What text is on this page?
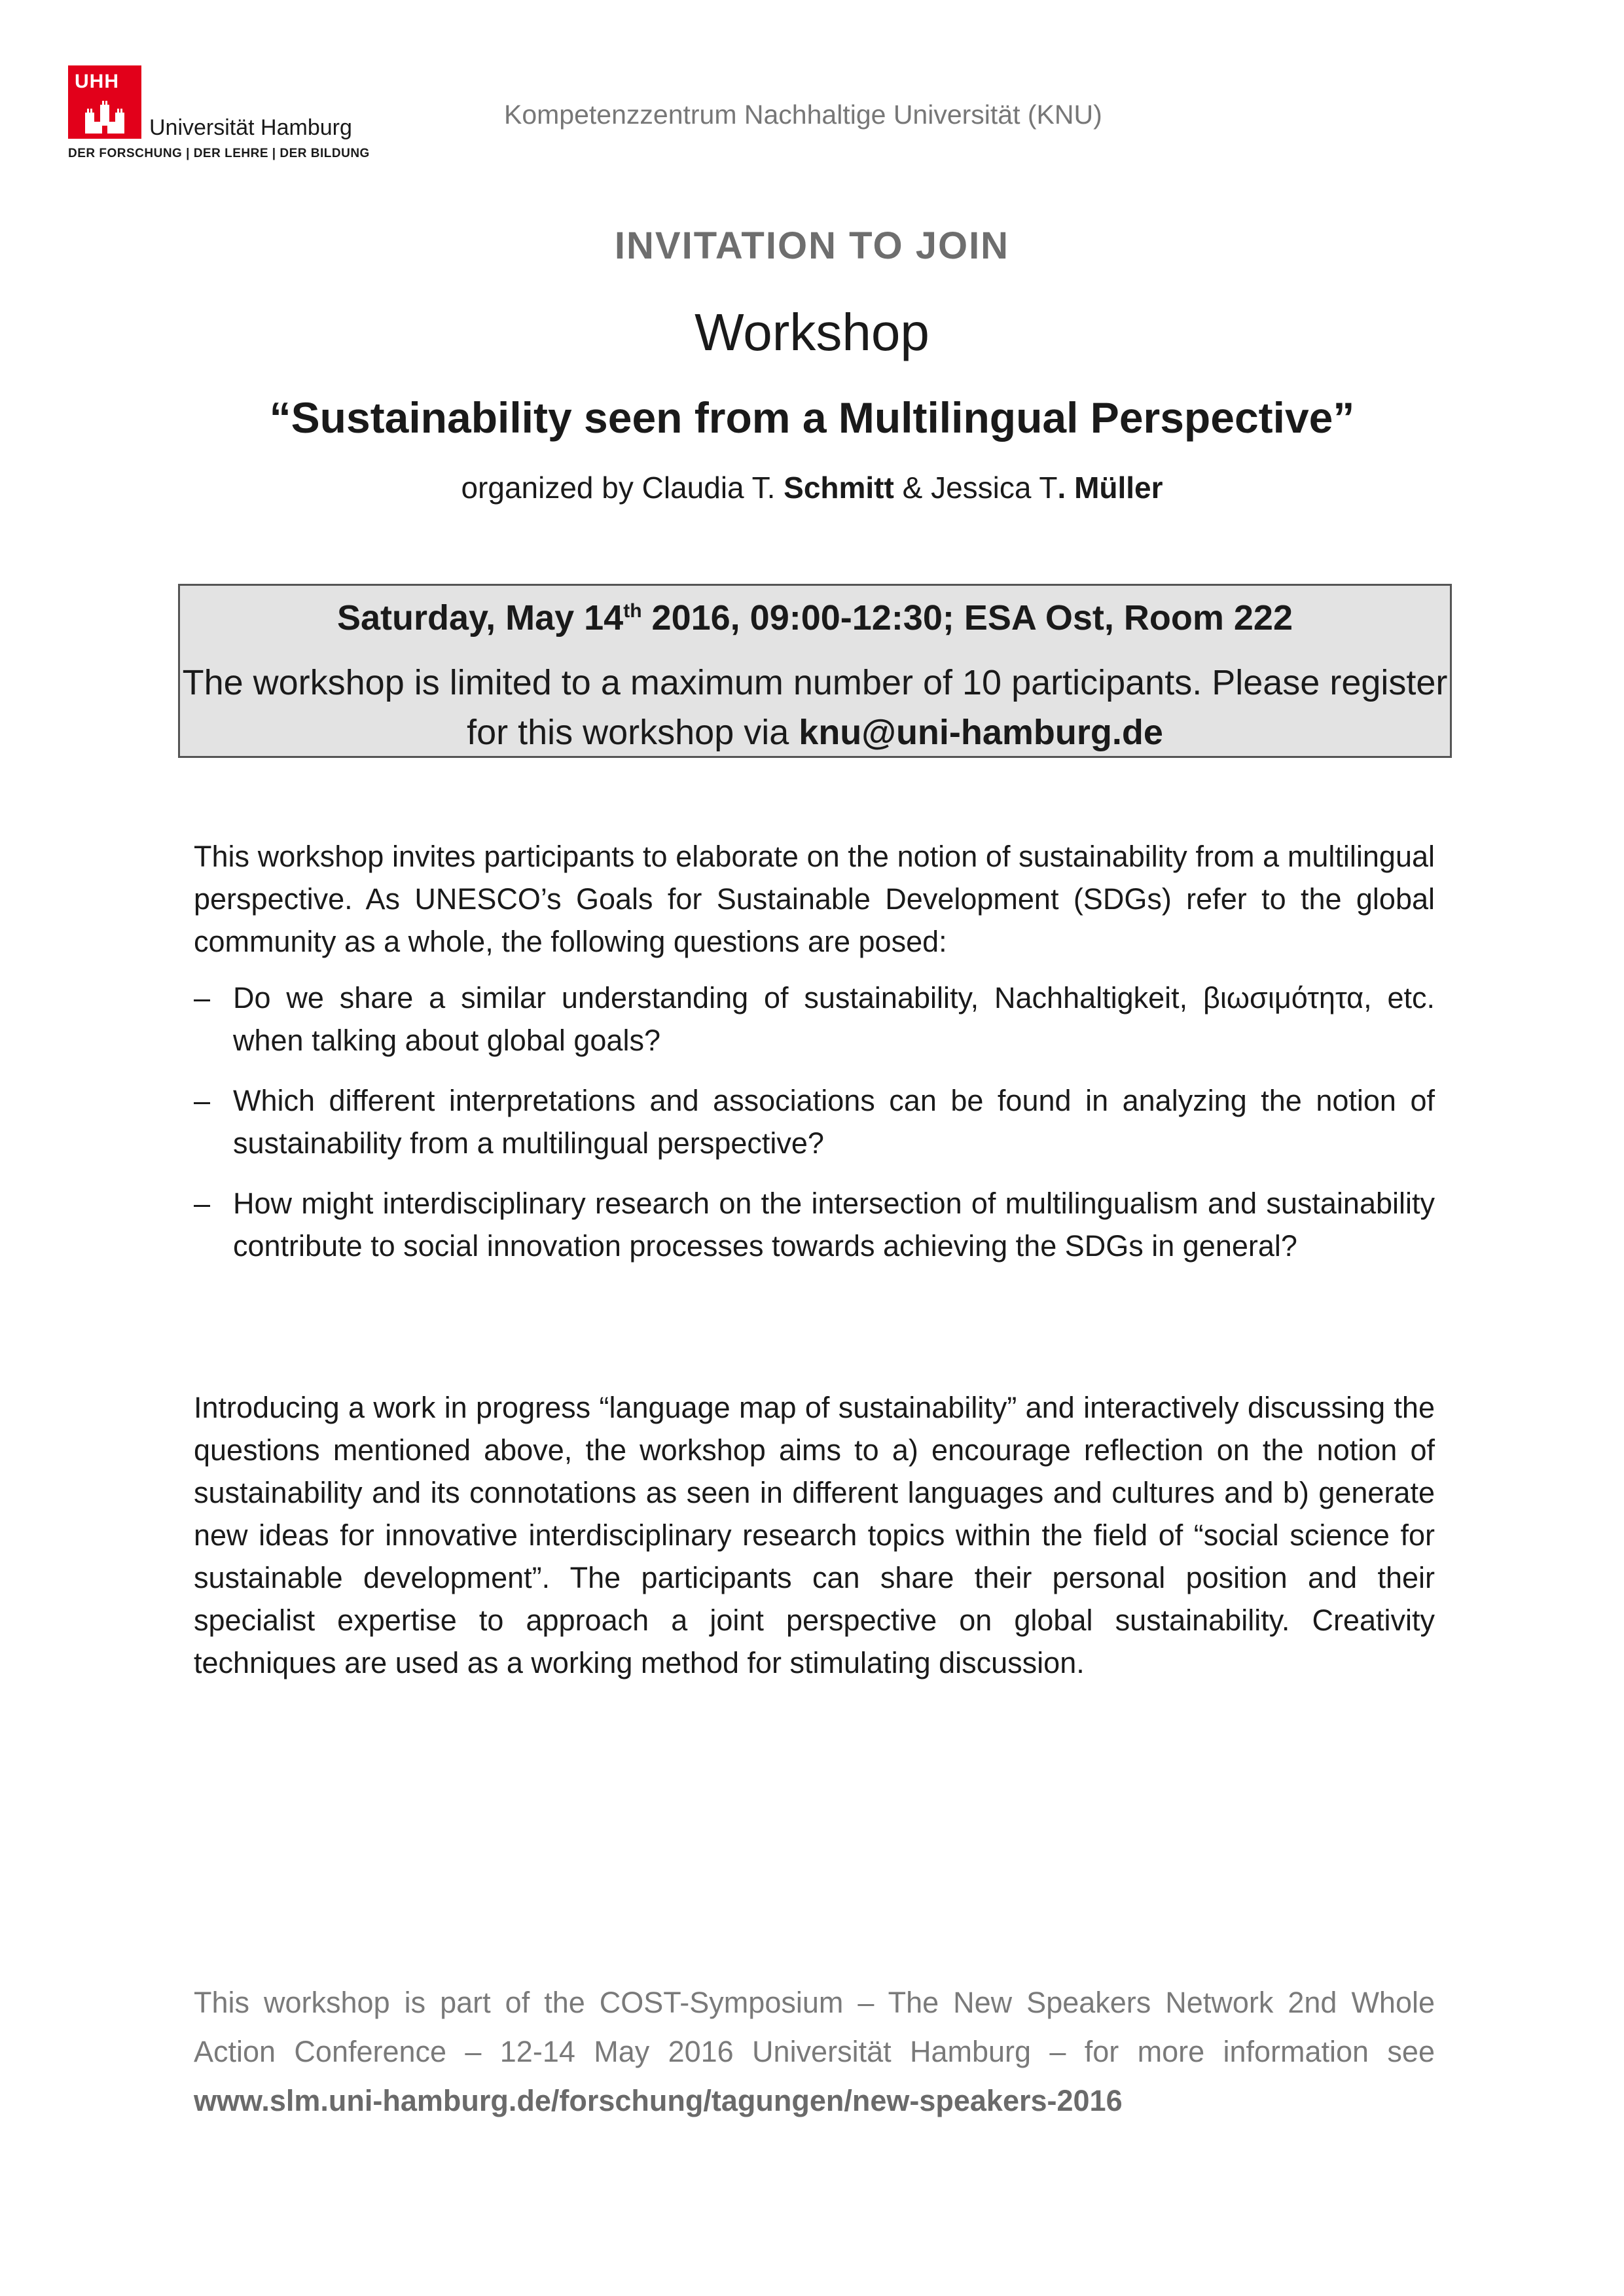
UHH
Universität Hamburg
DER FORSCHUNG | DER LEHRE | DER BILDUNG
Kompetenzzentrum Nachhaltige Universität (KNU)
INVITATION TO JOIN
Workshop
“Sustainability seen from a Multilingual Perspective”
organized by Claudia T. Schmitt & Jessica T. Müller
Saturday, May 14th 2016, 09:00-12:30; ESA Ost, Room 222
The workshop is limited to a maximum number of 10 participants. Please register for this workshop via knu@uni-hamburg.de
This workshop invites participants to elaborate on the notion of sustainability from a multilingual perspective. As UNESCO’s Goals for Sustainable Development (SDGs) refer to the global community as a whole, the following questions are posed:
– Do we share a similar understanding of sustainability, Nachhaltigkeit, βιωσιμότητα, etc. when talking about global goals?
– Which different interpretations and associations can be found in analyzing the notion of sustainability from a multilingual perspective?
– How might interdisciplinary research on the intersection of multilingualism and sustainability contribute to social innovation processes towards achieving the SDGs in general?
Introducing a work in progress “language map of sustainability” and interactively discussing the questions mentioned above, the workshop aims to a) encourage reflection on the notion of sustainability and its connotations as seen in different languages and cultures and b) generate new ideas for innovative interdisciplinary research topics within the field of “social science for sustainable development”. The participants can share their personal position and their specialist expertise to approach a joint perspective on global sustainability. Creativity techniques are used as a working method for stimulating discussion.
This workshop is part of the COST-Symposium – The New Speakers Network 2nd Whole Action Conference – 12-14 May 2016 Universität Hamburg – for more information see www.slm.uni-hamburg.de/forschung/tagungen/new-speakers-2016
